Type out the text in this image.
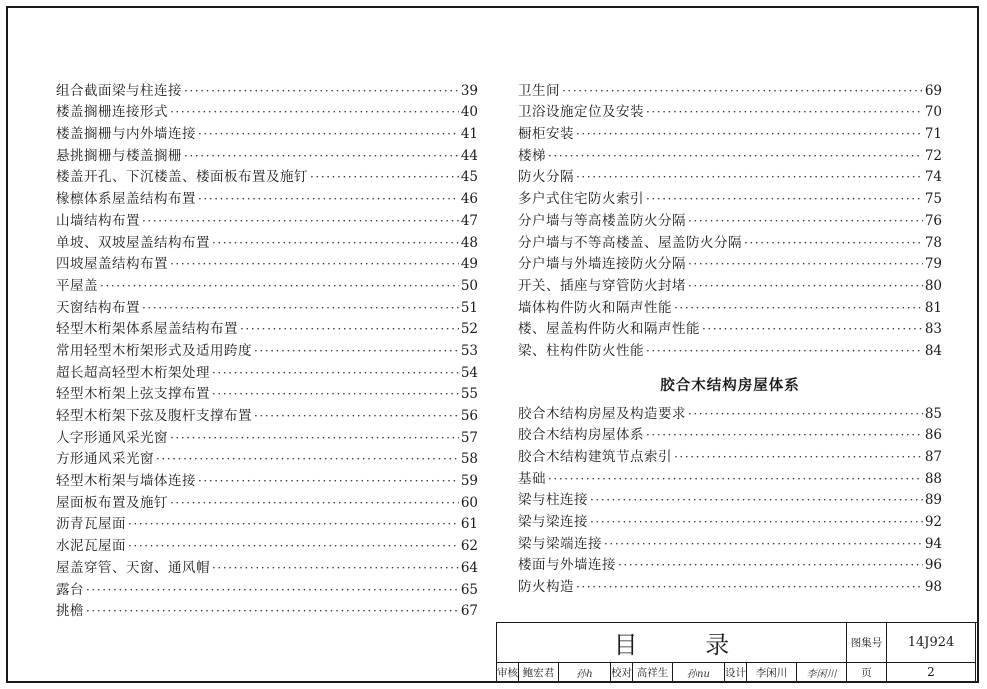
组合截面梁与柱连接 ·····	39
楼盖搁栅连接形式 ·····	40
楼盖搁栅与内外墙连接 ·····	41
悬挑搁栅与楼盖搁栅 ·····	44
楼盖开孔、下沉楼盖、楼面板布置及施钉 ·····	45
椽檩体系屋盖结构布置 ·····	46
山墙结构布置 ·····	47
单坡、双坡屋盖结构布置 ·····	48
四坡屋盖结构布置 ·····	49
平屋盖 ·····	50
天窗结构布置 ·····	51
轻型木桁架体系屋盖结构布置 ·····	52
常用轻型木桁架形式及适用跨度 ·····	53
超长超高轻型木桁架处理 ·····	54
轻型木桁架上弦支撑布置 ·····	55
轻型木桁架下弦及腹杆支撑布置 ·····	56
人字形通风采光窗 ·····	57
方形通风采光窗 ·····	58
轻型木桁架与墙体连接 ·····	59
屋面板布置及施钉 ·····	60
沥青瓦屋面 ·····	61
水泥瓦屋面 ·····	62
屋盖穿管、天窗、通风帽 ·····	64
露台 ·····	65
挑檐 ·····	67
卫生间 ·····	69
卫浴设施定位及安装 ·····	70
橱柜安装 ·····	71
楼梯 ·····	72
防火分隔 ·····	74
多户式住宅防火索引 ·····	75
分户墙与等高楼盖防火分隔 ·····	76
分户墙与不等高楼盖、屋盖防火分隔 ·····	78
分户墙与外墙连接防火分隔 ·····	79
开关、插座与穿管防火封堵 ·····	80
墙体构件防火和隔声性能 ·····	81
楼、屋盖构件防火和隔声性能 ·····	83
梁、柱构件防火性能 ·····	84
胶合木结构房屋体系
胶合木结构房屋及构造要求 ·····	85
胶合木结构房屋体系 ·····	86
胶合木结构建筑节点索引 ·····	87
基础 ·····	88
梁与柱连接 ·····	89
梁与梁连接 ·····	92
梁与梁端连接 ·····	94
楼面与外墙连接 ·····	96
防火构造 ·····	98
目 录	图集号	14J924
审核 鲍宏君	孙h	校对 高祥生	孙nu	设计 李闲川	李闲川	页	2
